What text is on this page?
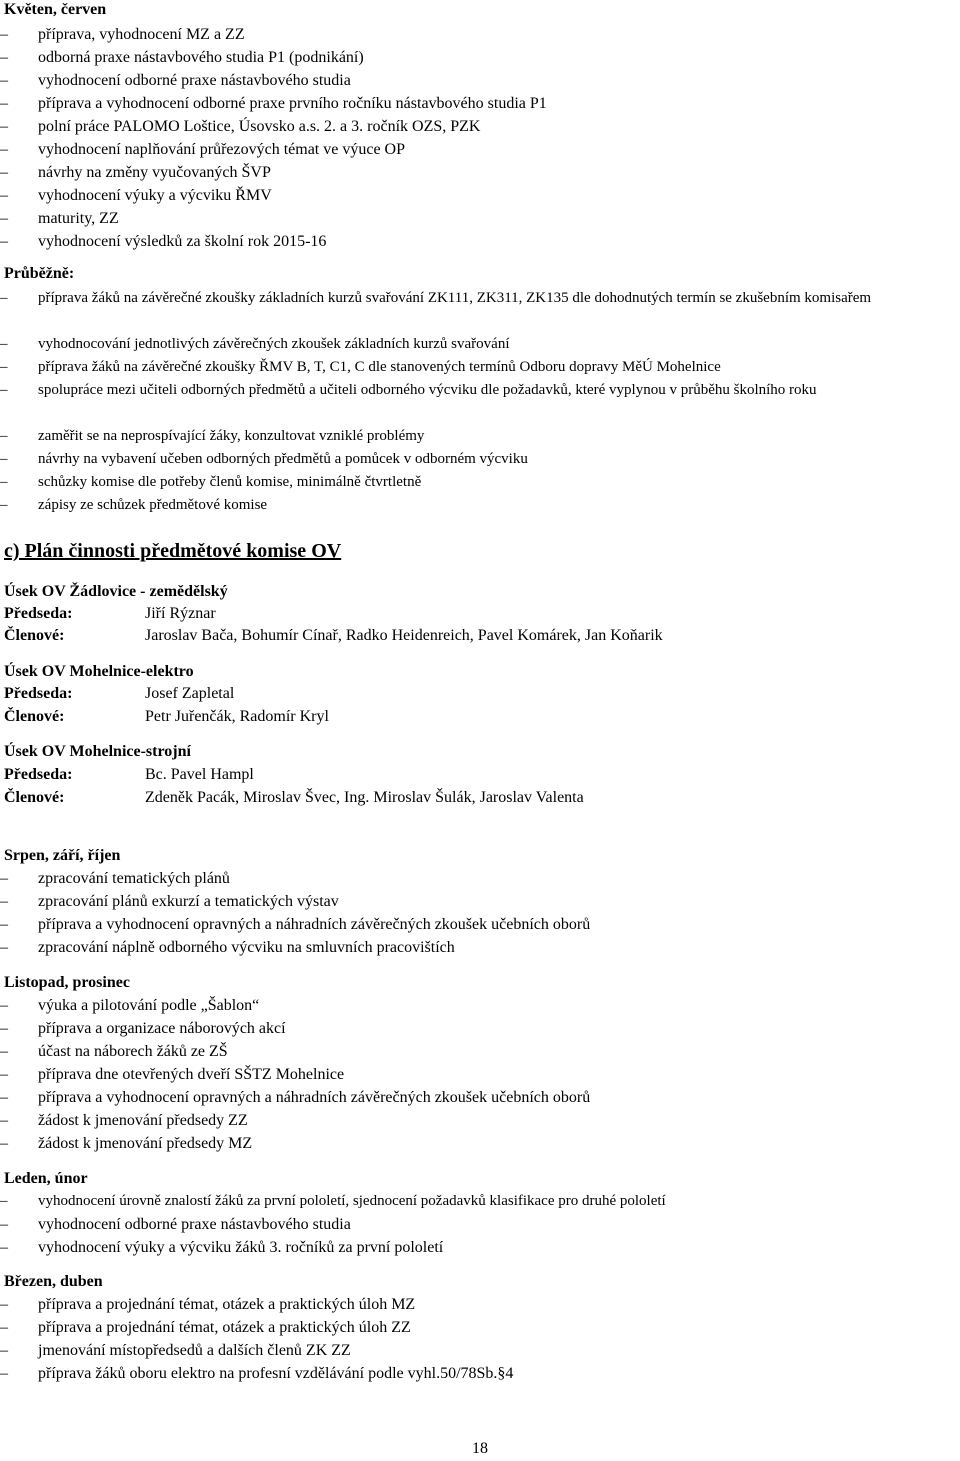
Květen, červen
–	příprava, vyhodnocení MZ a ZZ
–	odborná praxe nástavbového studia P1 (podnikání)
–	vyhodnocení odborné praxe nástavbového studia
–	příprava a vyhodnocení odborné praxe prvního ročníku nástavbového studia P1
–	polní práce PALOMO Loštice, Úsovsko a.s. 2. a 3. ročník OZS, PZK
–	vyhodnocení naplňování průřezových témat ve výuce OP
–	návrhy na změny vyučovaných ŠVP
–	vyhodnocení výuky a výcviku ŘMV
–	maturity, ZZ
–	vyhodnocení výsledků za školní rok 2015-16
Průběžně:
–	příprava žáků na závěrečné zkoušky základních kurzů svařování ZK111, ZK311, ZK135 dle dohodnutých termín se zkušebním komisařem
–	vyhodnocování jednotlivých závěrečných zkoušek základních kurzů svařování
–	příprava žáků na závěrečné zkoušky ŘMV B, T, C1, C dle stanovených termínů Odboru dopravy MěÚ Mohelnice
–	spolupráce mezi učiteli odborných předmětů a učiteli odborného výcviku dle požadavků, které vyplynou v průběhu školního roku
–	zaměřit se na neprospívající žáky, konzultovat vzniklé problémy
–	návrhy na vybavení učeben odborných předmětů a pomůcek v odborném výcviku
–	schůzky komise dle potřeby členů komise, minimálně čtvrtletně
–	zápisy ze schůzek předmětové komise
c) Plán činnosti předmětové komise OV
Úsek OV Žádlovice - zemědělský
Předseda:	Jiří Rýznar
Členové:	Jaroslav Bača, Bohumír Cínař, Radko Heidenreich, Pavel Komárek, Jan Koňarik
Úsek OV Mohelnice-elektro
Předseda:	Josef Zapletal
Členové:	Petr Juřenčák, Radomír Kryl
Úsek OV Mohelnice-strojní
Předseda:	Bc. Pavel Hampl
Členové:	Zdeněk Pacák, Miroslav Švec, Ing. Miroslav Šulák, Jaroslav Valenta
Srpen, září, říjen
–	zpracování tematických plánů
–	zpracování plánů exkurzí a tematických výstav
–	příprava a vyhodnocení opravných a náhradních závěrečných zkoušek učebních oborů
–	zpracování náplně odborného výcviku na smluvních pracovištích
Listopad, prosinec
–	výuka a pilotování podle „Šablon“
–	příprava a organizace náborových akcí
–	účast na náborech žáků ze ZŠ
–	příprava dne otevřených dveří SŠTZ Mohelnice
–	příprava a vyhodnocení opravných a náhradních závěrečných zkoušek učebních oborů
–	žádost k jmenování předsedy ZZ
–	žádost k jmenování předsedy MZ
Leden, únor
–	vyhodnocení úrovně znalostí žáků za první pololetí, sjednocení požadavků klasifikace pro druhé pololetí
–	vyhodnocení odborné praxe nástavbového studia
–	vyhodnocení výuky a výcviku žáků 3. ročníků za první pololetí
Březen, duben
–	příprava a projednání témat, otázek a praktických úloh MZ
–	příprava a projednání témat, otázek a praktických úloh ZZ
–	jmenování místopředsedů a dalších členů ZK ZZ
–	příprava žáků oboru elektro na profesní vzdělávání podle vyhl.50/78Sb.§4
18
